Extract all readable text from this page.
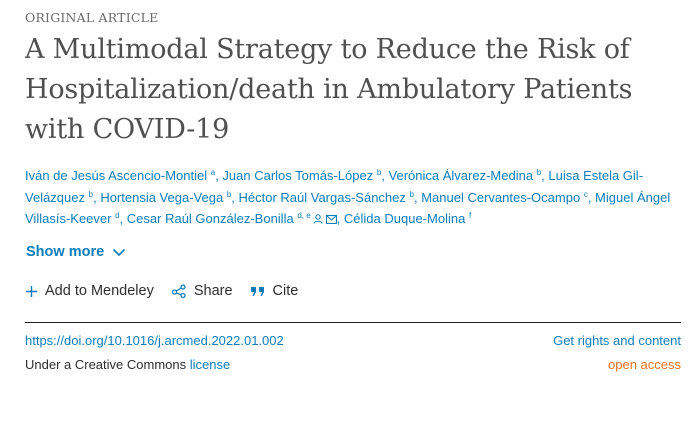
ORIGINAL ARTICLE
A Multimodal Strategy to Reduce the Risk of Hospitalization/death in Ambulatory Patients with COVID-19
Iván de Jesús Ascencio-Montiel $^a$, Juan Carlos Tomás-López $^b$, Verónica Álvarez-Medina $^b$, Luisa Estela Gil-Velázquez $^b$, Hortensia Vega-Vega $^b$, Héctor Raúl Vargas-Sánchez $^b$, Manuel Cervantes-Ocampo $^c$, Miguel Ángel Villasís-Keever $^d$, Cesar Raúl González-Bonilla $^{d, e}$ , Célida Duque-Molina $^f$
Show more
Add to Mendeley	Share	Cite
https://doi.org/10.1016/j.arcmed.2022.01.002	Get rights and content
Under a Creative Commons license	open access
